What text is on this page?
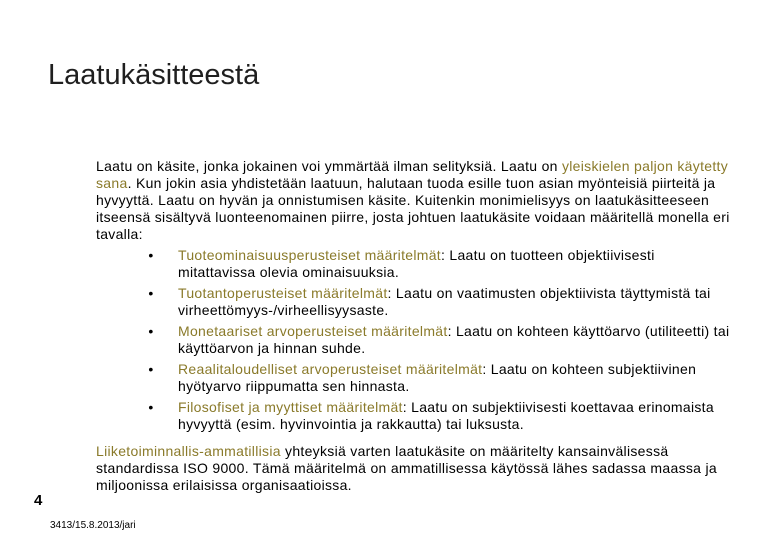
Laatukäsitteestä

Laatu on käsite, jonka jokainen voi ymmärtää ilman selityksiä. Laatu on yleiskielen paljon käytetty sana. Kun jokin asia yhdistetään laatuun, halutaan tuoda esille tuon asian myönteisiä piirteitä ja hyvyyttä. Laatu on hyvän ja onnistumisen käsite. Kuitenkin monimielisyys on laatukäsitteeseen itseensä sisältyvä luonteenomainen piirre, josta johtuen laatukäsite voidaan määritellä monella eri tavalla:

• Tuoteominaisuusperusteiset määritelmät: Laatu on tuotteen objektiivisesti mitattavissa olevia ominaisuuksia.
• Tuotantoperusteiset määritelmät: Laatu on vaatimusten objektiivista täyttymistä tai virheettömyys-/virheellisyysaste.
• Monetaariset arvoperusteiset määritelmät: Laatu on kohteen käyttöarvo (utiliteetti) tai käyttöarvon ja hinnan suhde.
• Reaalitaloudelliset arvoperusteiset määritelmät: Laatu on kohteen subjektiivinen hyötyarvo riippumatta sen hinnasta.
• Filosofiset ja myyttiset määritelmät: Laatu on subjektiivisesti koettavaa erinomaista hyvyyttä (esim. hyvinvointia ja rakkautta) tai luksusta.

Liiketoiminnallis-ammatillisia yhteyksiä varten laatukäsite on määritelty kansainvälisessä standardissa ISO 9000. Tämä määritelmä on ammatillisessa käytössä lähes sadassa maassa ja miljoonissa erilaisissa organisaatioissa.

4
3413/15.8.2013/jari
